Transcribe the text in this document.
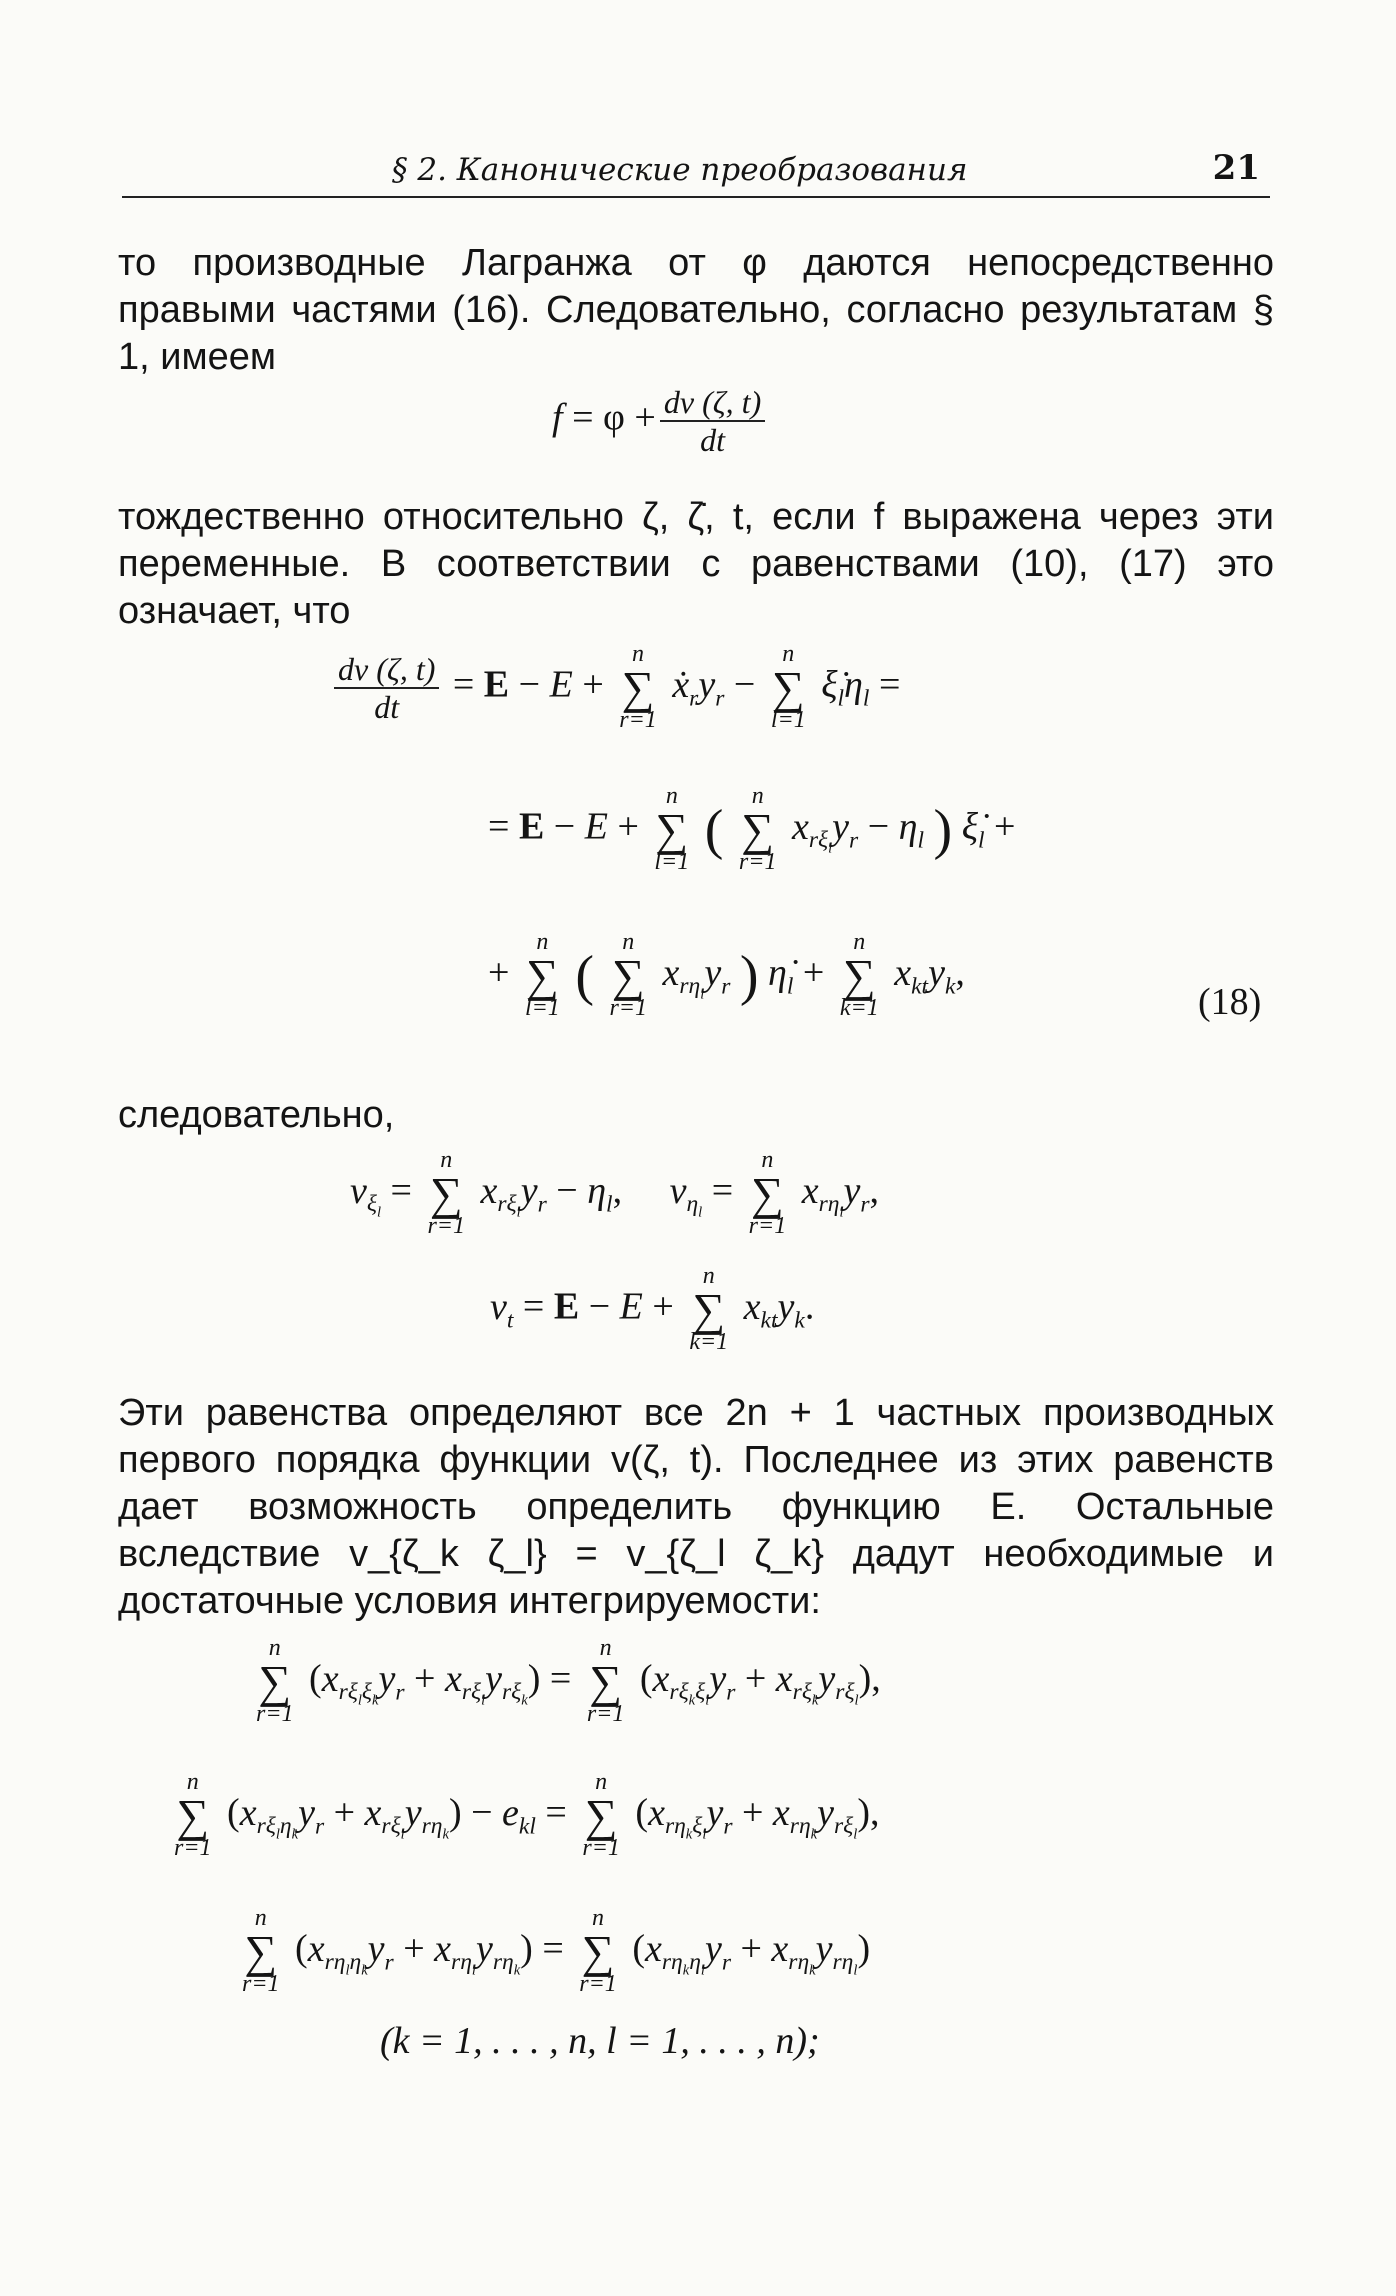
§ 2. Канонические преобразования	21

то производные Лагранжа от φ даются непосредственно правыми частями (16). Следовательно, согласно результатам § 1, имеем

$f = \varphi + \frac{dv (\zeta, t)}{dt}$

тождественно относительно ζ, ζ̇, t, если f выражена через эти переменные. В соответствии с равенствами (10), (17) это означает, что

$\frac{dv (\zeta, t)}{dt} = E - E$ +
n
∑
r=1
$ẋ_ry_r$ −
n
∑
l=1
$\xi̇_l\eta_l$ =
= E − E +
n
∑
l=1
(
n
∑
r=1
$x_{r\xi_l}y_r - \eta_l$ ) $\xi̇_l$ +
+
n
∑
l=1
(
n
∑
r=1
$x_{r\eta_l}y_r$ ) $\etȧ_l$ +
n
∑
k=1
$x_{kt}y_k$,
(18)

следовательно,

$v_{\xi_l}$ =
n
∑
r=1
$x_{r\xi_l}y_r - \eta_l$,     $v_{\eta_l}$ =
n
∑
r=1
$x_{r\eta_l}y_r$,
$v_t = E - E$ +
n
∑
k=1
$x_{kt}y_k$.

Эти равенства определяют все 2n + 1 частных производных первого порядка функции v(ζ, t). Последнее из этих равенств дает возможность определить функцию E. Остальные вследствие v_{ζ_k ζ_l} = v_{ζ_l ζ_k} дадут необходимые и достаточные условия интегрируемости:

n
∑
r=1
$(x_{r\xi_l\xi_k}y_r + x_{r\xi_l}y_{r\xi_k})$ =
n
∑
r=1
$(x_{r\xi_k\xi_l}y_r + x_{r\xi_k}y_{r\xi_l})$,
n
∑
r=1
$(x_{r\xi_l\eta_k}y_r + x_{r\xi_l}y_{r\eta_k}) - e_{kl}$ =
n
∑
r=1
$(x_{r\eta_k\xi_l}y_r + x_{r\eta_k}y_{r\xi_l})$,
n
∑
r=1
$(x_{r\eta_l\eta_k}y_r + x_{r\eta_l}y_{r\eta_k})$ =
n
∑
r=1
$(x_{r\eta_k\eta_l}y_r + x_{r\eta_k}y_{r\eta_l})$
(k = 1, . . . , n, l = 1, . . . , n);
